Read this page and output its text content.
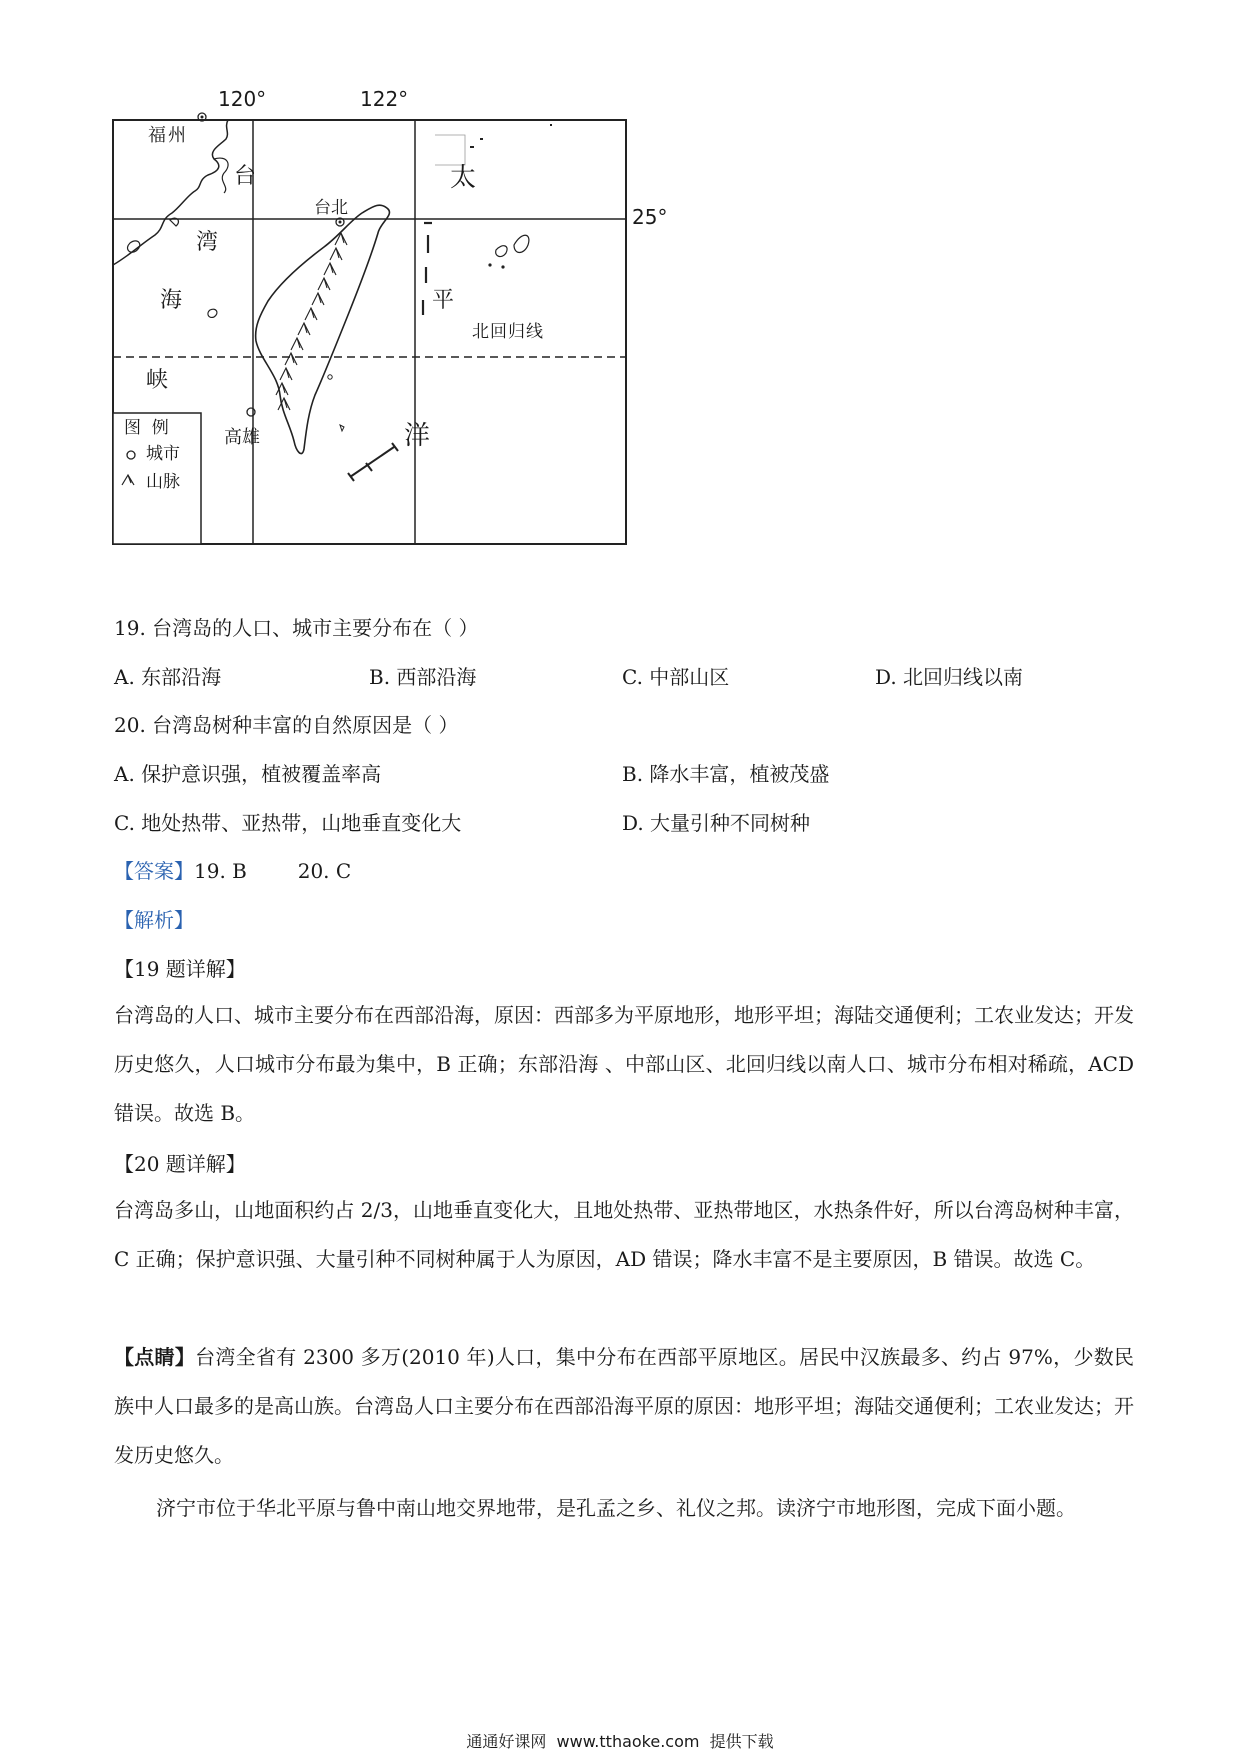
120°	122°
25°
福州
台北
高雄
台
湾
海
峡
太
平
洋
北回归线
图  例
城市
山脉
19. 台湾岛的人口、城市主要分布在（ ）
A. 东部沿海	B. 西部沿海	C. 中部山区	D. 北回归线以南
20. 台湾岛树种丰富的自然原因是（ ）
A. 保护意识强，植被覆盖率高	B. 降水丰富，植被茂盛
C. 地处热带、亚热带，山地垂直变化大	D. 大量引种不同树种
【答案】19. B        20. C
【解析】
【19 题详解】
台湾岛的人口、城市主要分布在西部沿海，原因：西部多为平原地形，地形平坦；海陆交通便利；工农业发达；开发历史悠久，人口城市分布最为集中，B 正确；东部沿海 、中部山区、北回归线以南人口、城市分布相对稀疏，ACD 错误。故选 B。
【20 题详解】
台湾岛多山，山地面积约占 2/3，山地垂直变化大，且地处热带、亚热带地区，水热条件好，所以台湾岛树种丰富，C 正确；保护意识强、大量引种不同树种属于人为原因，AD 错误；降水丰富不是主要原因，B 错误。故选 C。
【点睛】台湾全省有 2300 多万(2010 年)人口，集中分布在西部平原地区。居民中汉族最多、约占 97%，少数民族中人口最多的是高山族。台湾岛人口主要分布在西部沿海平原的原因：地形平坦；海陆交通便利；工农业发达；开发历史悠久。
济宁市位于华北平原与鲁中南山地交界地带，是孔孟之乡、礼仪之邦。读济宁市地形图，完成下面小题。
通通好课网  www.tthaoke.com  提供下载
